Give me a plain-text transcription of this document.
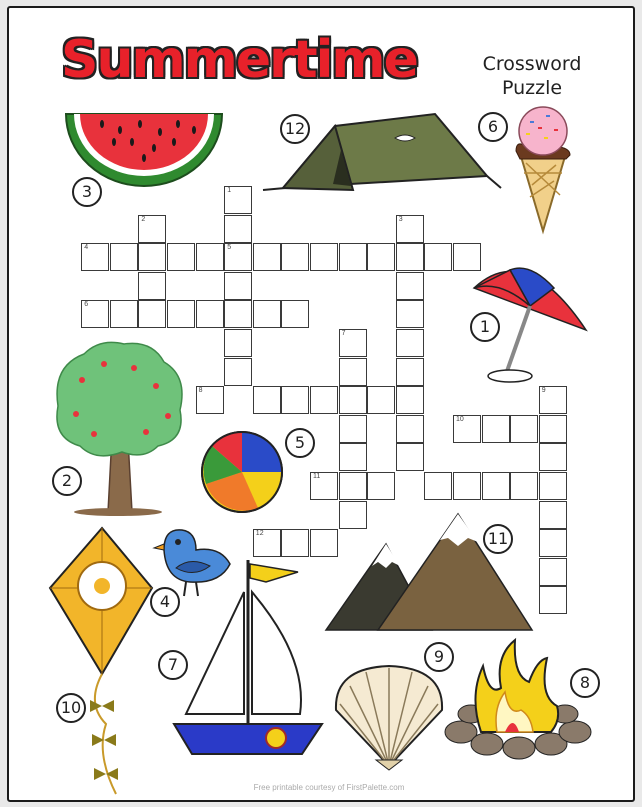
Summertime	Crossword
Puzzle
Free printable courtesy of FirstPalette.com
1
5
2	3
4
6
7
8	9
10
11
12
1
2
3
4
5
6
7
8
9
10
11
12
